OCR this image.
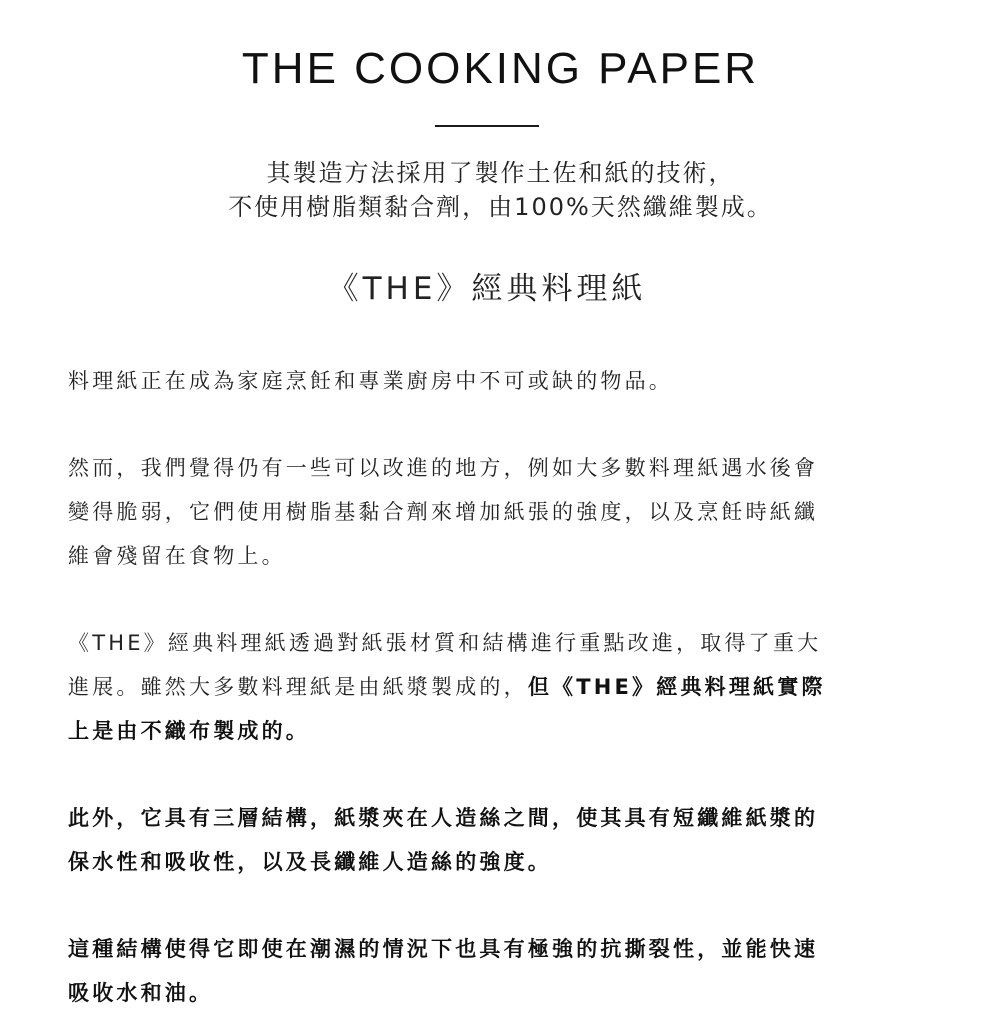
THE COOKING PAPER
其製造方法採用了製作土佐和紙的技術，
不使用樹脂類黏合劑，由100%天然纖維製成。
《THE》經典料理紙
料理紙正在成為家庭烹飪和專業廚房中不可或缺的物品。
然而，我們覺得仍有一些可以改進的地方，例如大多數料理紙遇水後會
變得脆弱，它們使用樹脂基黏合劑來增加紙張的強度，以及烹飪時紙纖
維會殘留在食物上。
《THE》經典料理紙透過對紙張材質和結構進行重點改進，取得了重大
進展。雖然大多數料理紙是由紙漿製成的，但《THE》經典料理紙實際
上是由不織布製成的。
此外，它具有三層結構，紙漿夾在人造絲之間，使其具有短纖維紙漿的
保水性和吸收性，以及長纖維人造絲的強度。
這種結構使得它即使在潮濕的情況下也具有極強的抗撕裂性，並能快速
吸收水和油。
